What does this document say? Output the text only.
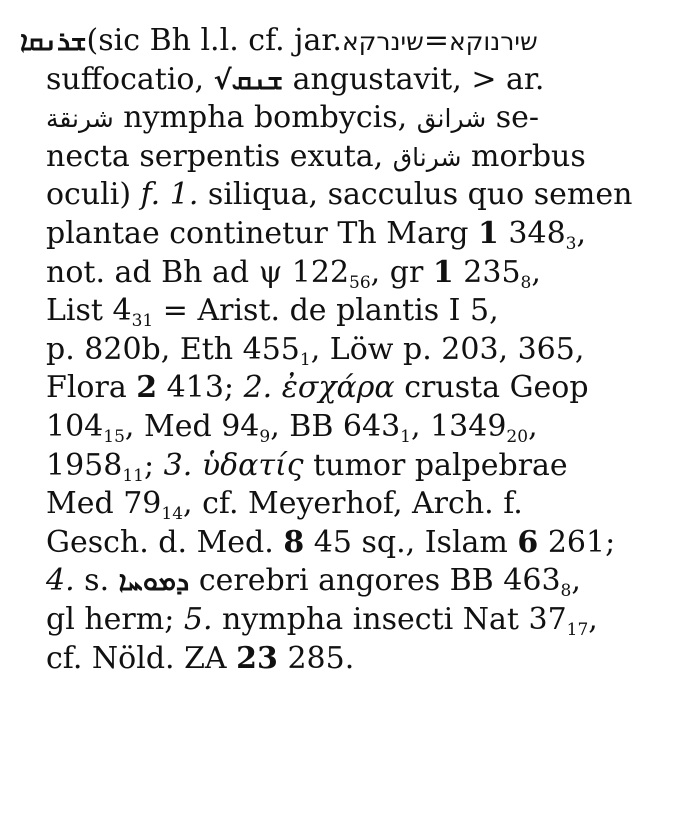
ܫܪܢܩܐ(sic Bh l.l. cf. jar.	שירנוקא=שינרקא
suffocatio, √ܫܢܩ angustavit, > ar.
شرنقة nympha bombycis, شرانق se-
necta serpentis exuta, شرناق morbus
oculi) f. 1. siliqua, sacculus quo semen
plantae continetur Th Marg 1 $348_3$,
not. ad Bh ad ψ $122_{56}$, gr 1 $235_8$,
List $4_{31}$ = Arist. de plantis I 5,
p. 820b, Eth $455_1$, Löw p. 203, 365,
Flora 2 413; 2. ἐσχάρα crusta Geop
$104_{15}$, Med $94_9$, BB $643_1$, $1349_{20}$,
$1958_{11}$; 3. ὑδατίς tumor palpebrae
Med $79_{14}$, cf. Meyerhof, Arch. f.
Gesch. d. Med. 8 45 sq., Islam 6 261;
4. s. ܕܡܘܚܐ cerebri angores BB $463_8$,
gl herm; 5. nympha insecti Nat $37_{17}$,
cf. Nöld. ZA 23 285.
